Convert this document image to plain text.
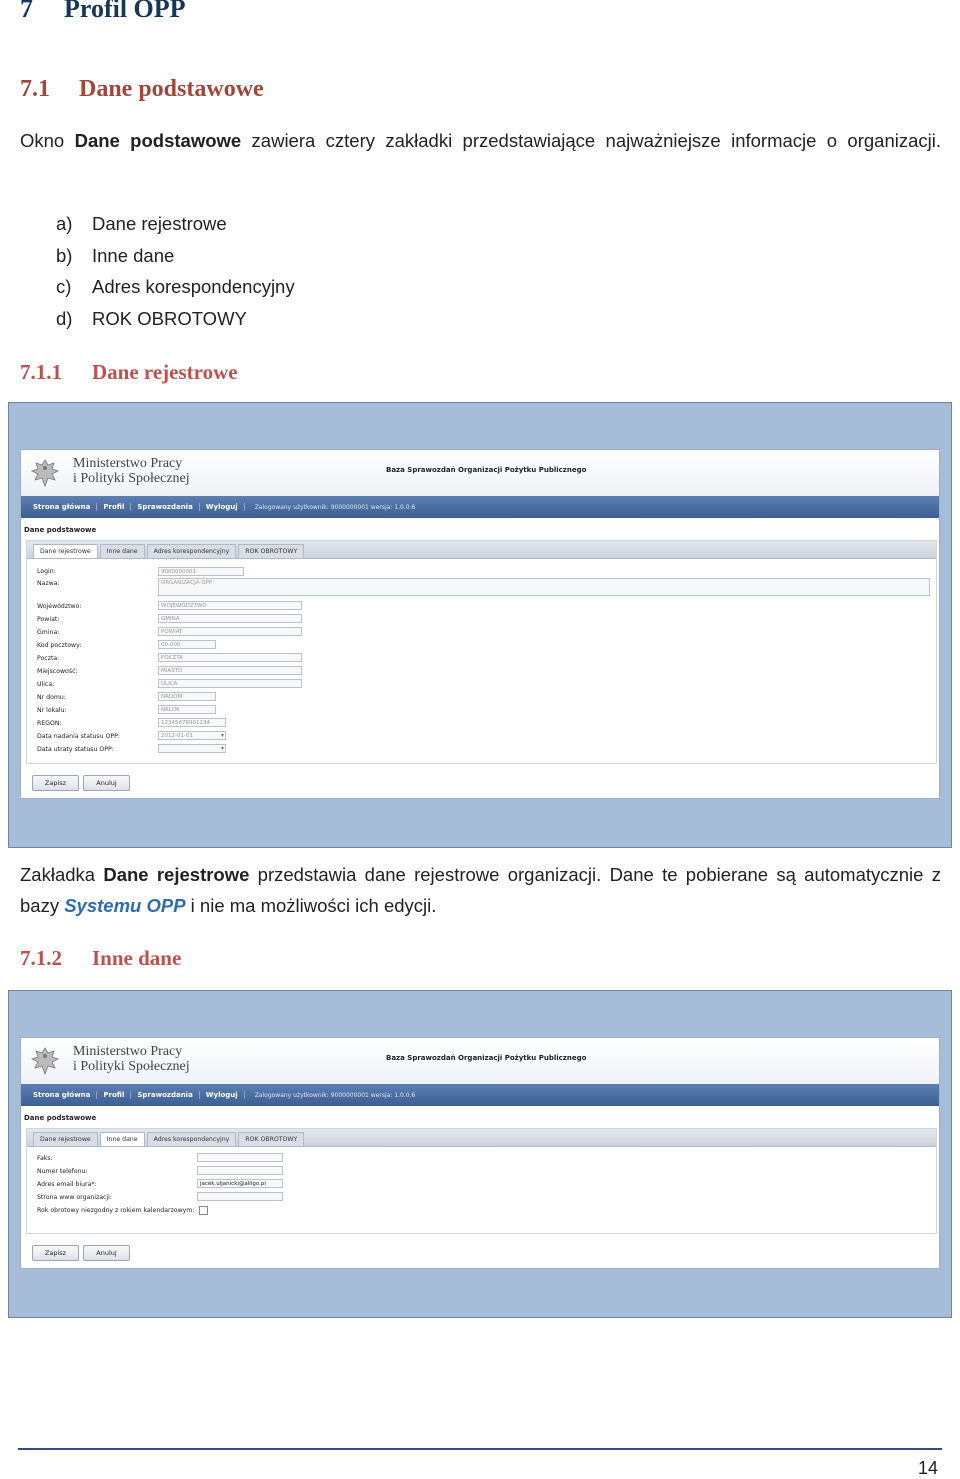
7 Profil OPP
7.1 Dane podstawowe
Okno Dane podstawowe zawiera cztery zakładki przedstawiające najważniejsze informacje o organizacji.
a)	Dane rejestrowe
b)	Inne dane
c)	Adres korespondencyjny
d)	ROK OBROTOWY
7.1.1 Dane rejestrowe
Ministerstwo Pracy
i Polityki Społecznej
Baza Sprawozdań Organizacji Pożytku Publicznego
Strona główna	Profil	Sprawozdania	Wyloguj	Zalogowany użytkownik: 9000000001 wersja: 1.0.0.6
Dane podstawowe
Dane rejestrowe	Inne dane	Adres korespondencyjny	ROK OBROTOWY
Login:	9000000001
Nazwa:	ORGANIZACJA OPP
Województwo:	WOJEWÓDZTWO
Powiat:	GMINA
Gmina:	POWIAT
Kod pocztowy:	00-000
Poczta:	POCZTA
Miejscowość:	MIASTO
Ulica:	ULICA
Nr domu:	NRDOM
Nr lokalu:	NRLOK
REGON:	12345678901234
Data nadania statusu OPP:	2012-01-01 ▾
Data utraty statusu OPP:
▾
Zapisz	Anuluj
Zakładka Dane rejestrowe przedstawia dane rejestrowe organizacji. Dane te pobierane są automatycznie z bazy Systemu OPP i nie ma możliwości ich edycji.
7.1.2 Inne dane
Ministerstwo Pracy
i Polityki Społecznej
Baza Sprawozdań Organizacji Pożytku Publicznego
Strona główna	Profil	Sprawozdania	Wyloguj	Zalogowany użytkownik: 9000000001 wersja: 1.0.0.6
Dane podstawowe
Dane rejestrowe	Inne dane	Adres korespondencyjny	ROK OBROTOWY
Faks:
Numer telefonu:
Adres email biura*:	jacek.uljanicki@alligo.pl
Strona www organizacji:
Rok obrotowy niezgodny z rokiem kalendarzowym:
Zapisz	Anuluj
14
